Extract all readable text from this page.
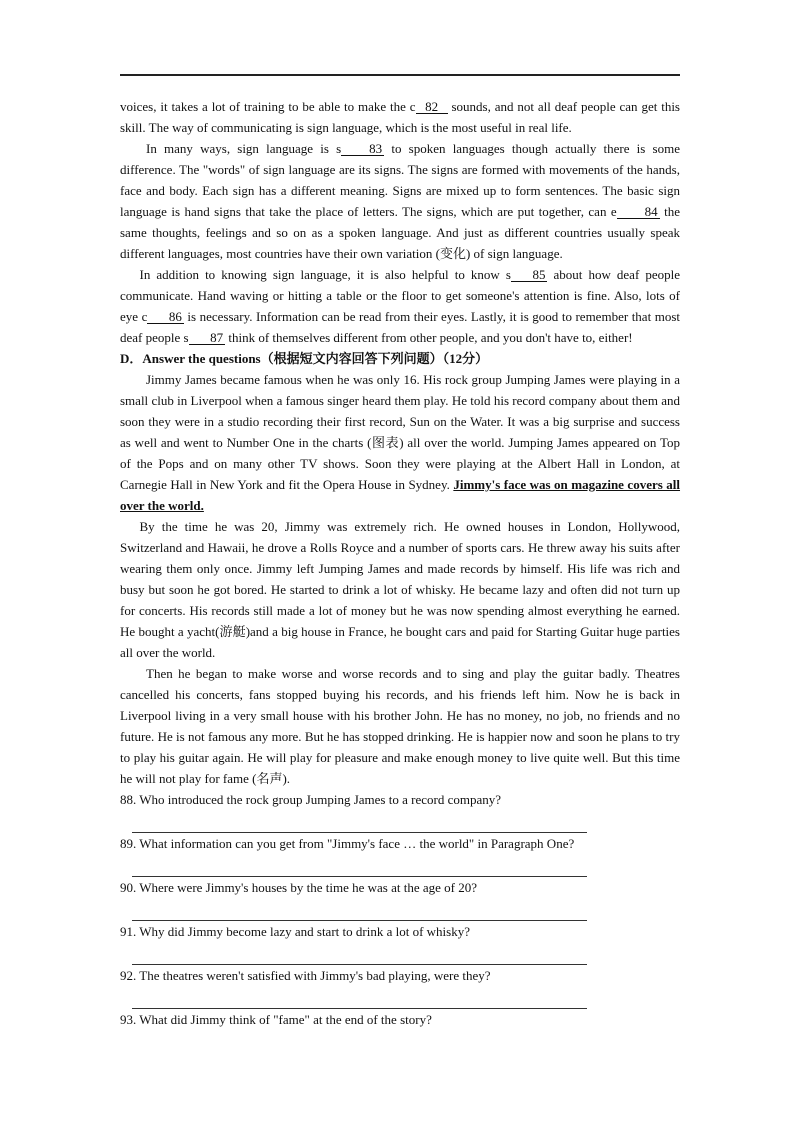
voices, it takes a lot of training to be able to make the c 82 sounds, and not all deaf people can get this skill. The way of communicating is sign language, which is the most useful in real life.

In many ways, sign language is s 83 to spoken languages though actually there is some difference. The "words" of sign language are its signs. The signs are formed with movements of the hands, face and body. Each sign has a different meaning. Signs are mixed up to form sentences. The basic sign language is hand signs that take the place of letters. The signs, which are put together, can e 84 the same thoughts, feelings and so on as a spoken language. And just as different countries usually speak different languages, most countries have their own variation (变化) of sign language.

In addition to knowing sign language, it is also helpful to know s 85 about how deaf people communicate. Hand waving or hitting a table or the floor to get someone's attention is fine. Also, lots of eye c 86 is necessary. Information can be read from their eyes. Lastly, it is good to remember that most deaf people s 87 think of themselves different from other people, and you don't have to, either!

D．Answer the questions（根据短文内容回答下列问题）（12分）

Jimmy James became famous when he was only 16. His rock group Jumping James were playing in a small club in Liverpool when a famous singer heard them play. He told his record company about them and soon they were in a studio recording their first record, Sun on the Water. It was a big surprise and success as well and went to Number One in the charts (图表) all over the world. Jumping James appeared on Top of the Pops and on many other TV shows. Soon they were playing at the Albert Hall in London, at Carnegie Hall in New York and fit the Opera House in Sydney. Jimmy's face was on magazine covers all over the world.

By the time he was 20, Jimmy was extremely rich. He owned houses in London, Hollywood, Switzerland and Hawaii, he drove a Rolls Royce and a number of sports cars. He threw away his suits after wearing them only once. Jimmy left Jumping James and made records by himself. His life was rich and busy but soon he got bored. He started to drink a lot of whisky. He became lazy and often did not turn up for concerts. His records still made a lot of money but he was now spending almost everything he earned. He bought a yacht(游艇)and a big house in France, he bought cars and paid for Starting Guitar huge parties all over the world.

Then he began to make worse and worse records and to sing and play the guitar badly. Theatres cancelled his concerts, fans stopped buying his records, and his friends left him. Now he is back in Liverpool living in a very small house with his brother John. He has no money, no job, no friends and no future. He is not famous any more. But he has stopped drinking. He is happier now and soon he plans to try to play his guitar again. He will play for pleasure and make enough money to live quite well. But this time he will not play for fame (名声).

88. Who introduced the rock group Jumping James to a record company?

89. What information can you get from "Jimmy's face … the world" in Paragraph One?

90. Where were Jimmy's houses by the time he was at the age of 20?

91. Why did Jimmy become lazy and start to drink a lot of whisky?

92. The theatres weren't satisfied with Jimmy's bad playing, were they?

93. What did Jimmy think of "fame" at the end of the story?
